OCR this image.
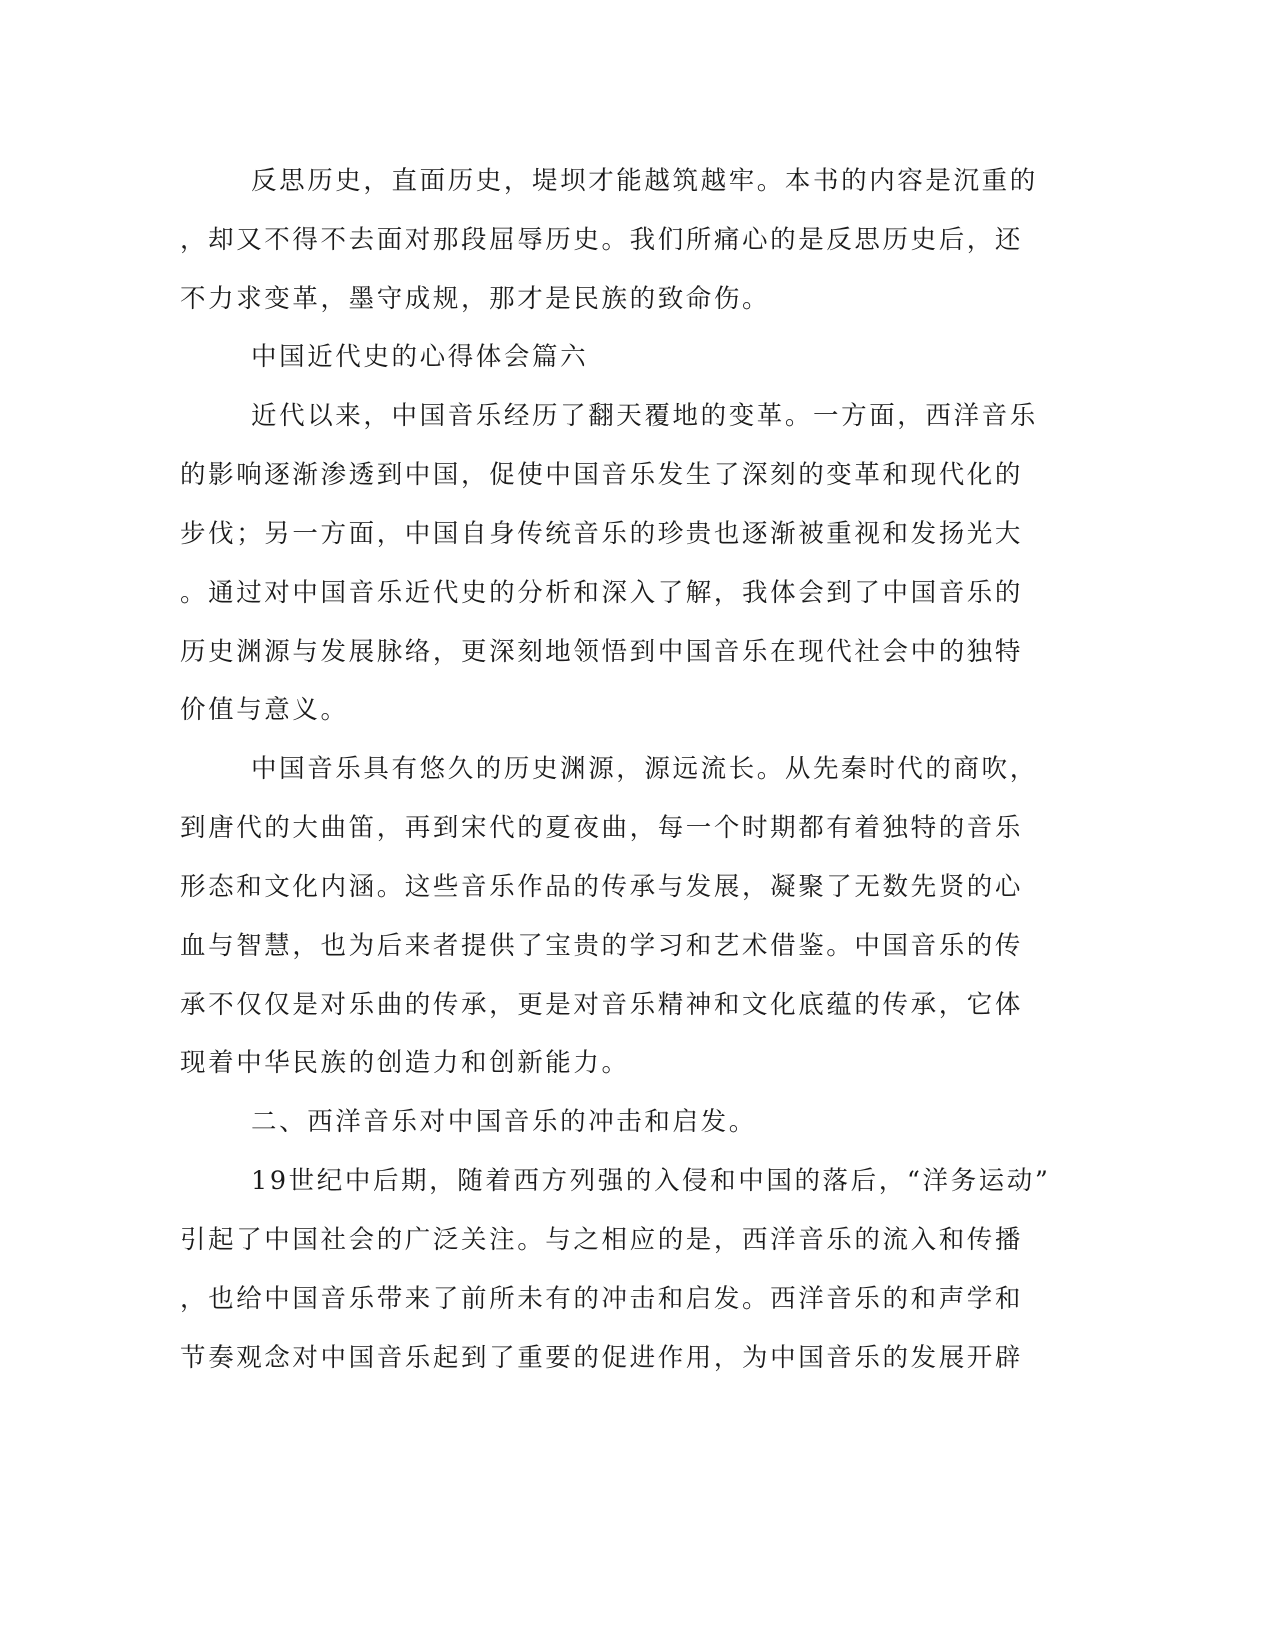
反思历史，直面历史，堤坝才能越筑越牢。本书的内容是沉重的
，却又不得不去面对那段屈辱历史。我们所痛心的是反思历史后，还
不力求变革，墨守成规，那才是民族的致命伤。
中国近代史的心得体会篇六
近代以来，中国音乐经历了翻天覆地的变革。一方面，西洋音乐
的影响逐渐渗透到中国，促使中国音乐发生了深刻的变革和现代化的
步伐；另一方面，中国自身传统音乐的珍贵也逐渐被重视和发扬光大
。通过对中国音乐近代史的分析和深入了解，我体会到了中国音乐的
历史渊源与发展脉络，更深刻地领悟到中国音乐在现代社会中的独特
价值与意义。
中国音乐具有悠久的历史渊源，源远流长。从先秦时代的商吹，
到唐代的大曲笛，再到宋代的夏夜曲，每一个时期都有着独特的音乐
形态和文化内涵。这些音乐作品的传承与发展，凝聚了无数先贤的心
血与智慧，也为后来者提供了宝贵的学习和艺术借鉴。中国音乐的传
承不仅仅是对乐曲的传承，更是对音乐精神和文化底蕴的传承，它体
现着中华民族的创造力和创新能力。
二、西洋音乐对中国音乐的冲击和启发。
19世纪中后期，随着西方列强的入侵和中国的落后，“洋务运动”
引起了中国社会的广泛关注。与之相应的是，西洋音乐的流入和传播
，也给中国音乐带来了前所未有的冲击和启发。西洋音乐的和声学和
节奏观念对中国音乐起到了重要的促进作用，为中国音乐的发展开辟
